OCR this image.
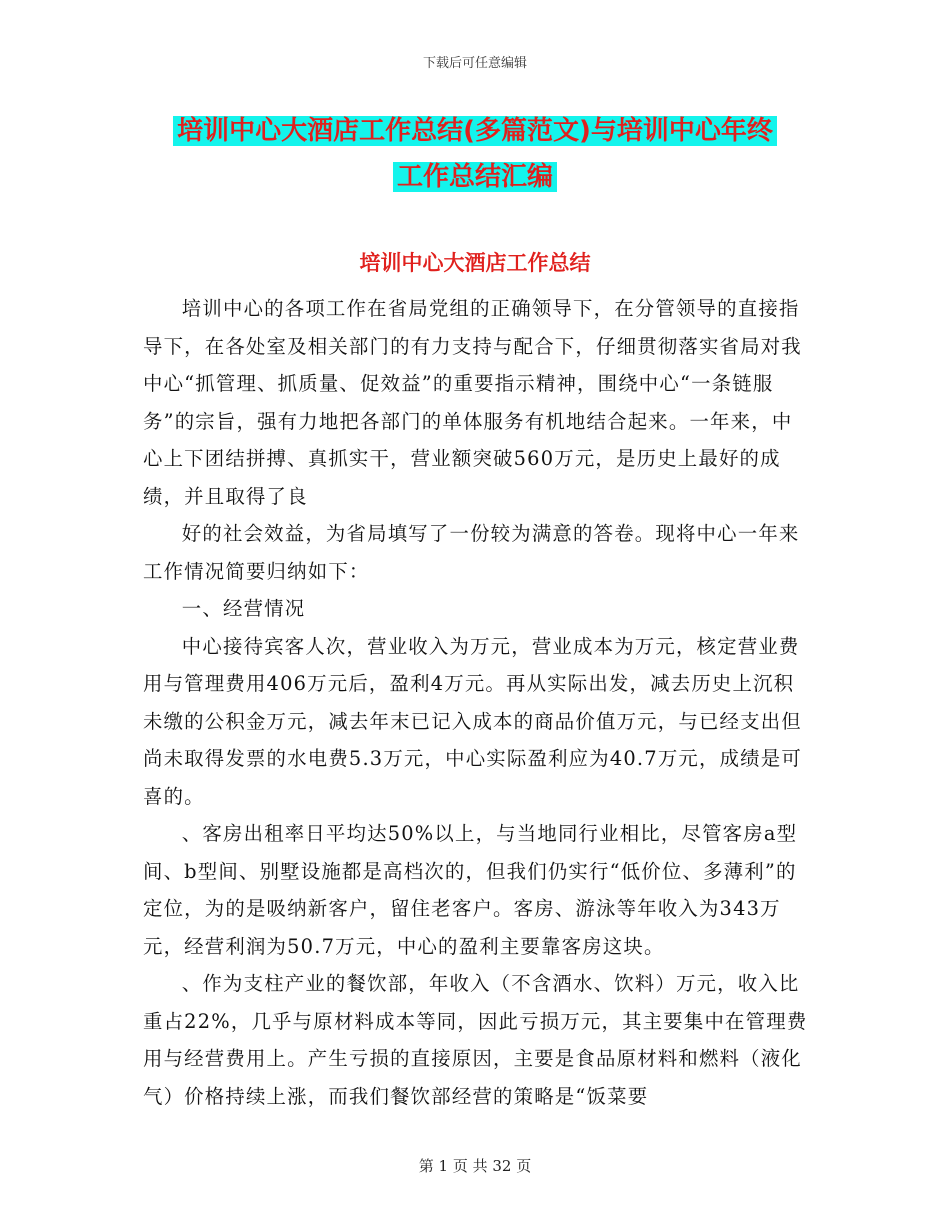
下载后可任意编辑
培训中心大酒店工作总结(多篇范文)与培训中心年终
工作总结汇编
培训中心大酒店工作总结

培训中心的各项工作在省局党组的正确领导下，在分管领导的直接指导下，在各处室及相关部门的有力支持与配合下，仔细贯彻落实省局对我中心“抓管理、抓质量、促效益”的重要指示精神，围绕中心“一条链服务”的宗旨，强有力地把各部门的单体服务有机地结合起来。一年来，中心上下团结拼搏、真抓实干，营业额突破560万元，是历史上最好的成绩，并且取得了良

好的社会效益，为省局填写了一份较为满意的答卷。现将中心一年来工作情况简要归纳如下：

一、经营情况

中心接待宾客人次，营业收入为万元，营业成本为万元，核定营业费用与管理费用406万元后，盈利4万元。再从实际出发，减去历史上沉积未缴的公积金万元，减去年末已记入成本的商品价值万元，与已经支出但尚未取得发票的水电费5.3万元，中心实际盈利应为40.7万元，成绩是可喜的。

、客房出租率日平均达50%以上，与当地同行业相比，尽管客房a型间、b型间、别墅设施都是高档次的，但我们仍实行“低价位、多薄利”的定位，为的是吸纳新客户，留住老客户。客房、游泳等年收入为343万元，经营利润为50.7万元，中心的盈利主要靠客房这块。

、作为支柱产业的餐饮部，年收入（不含酒水、饮料）万元，收入比重占22%，几乎与原材料成本等同，因此亏损万元，其主要集中在管理费用与经营费用上。产生亏损的直接原因，主要是食品原材料和燃料（液化气）价格持续上涨，而我们餐饮部经营的策略是“饭菜要

第 1 页 共 32 页
